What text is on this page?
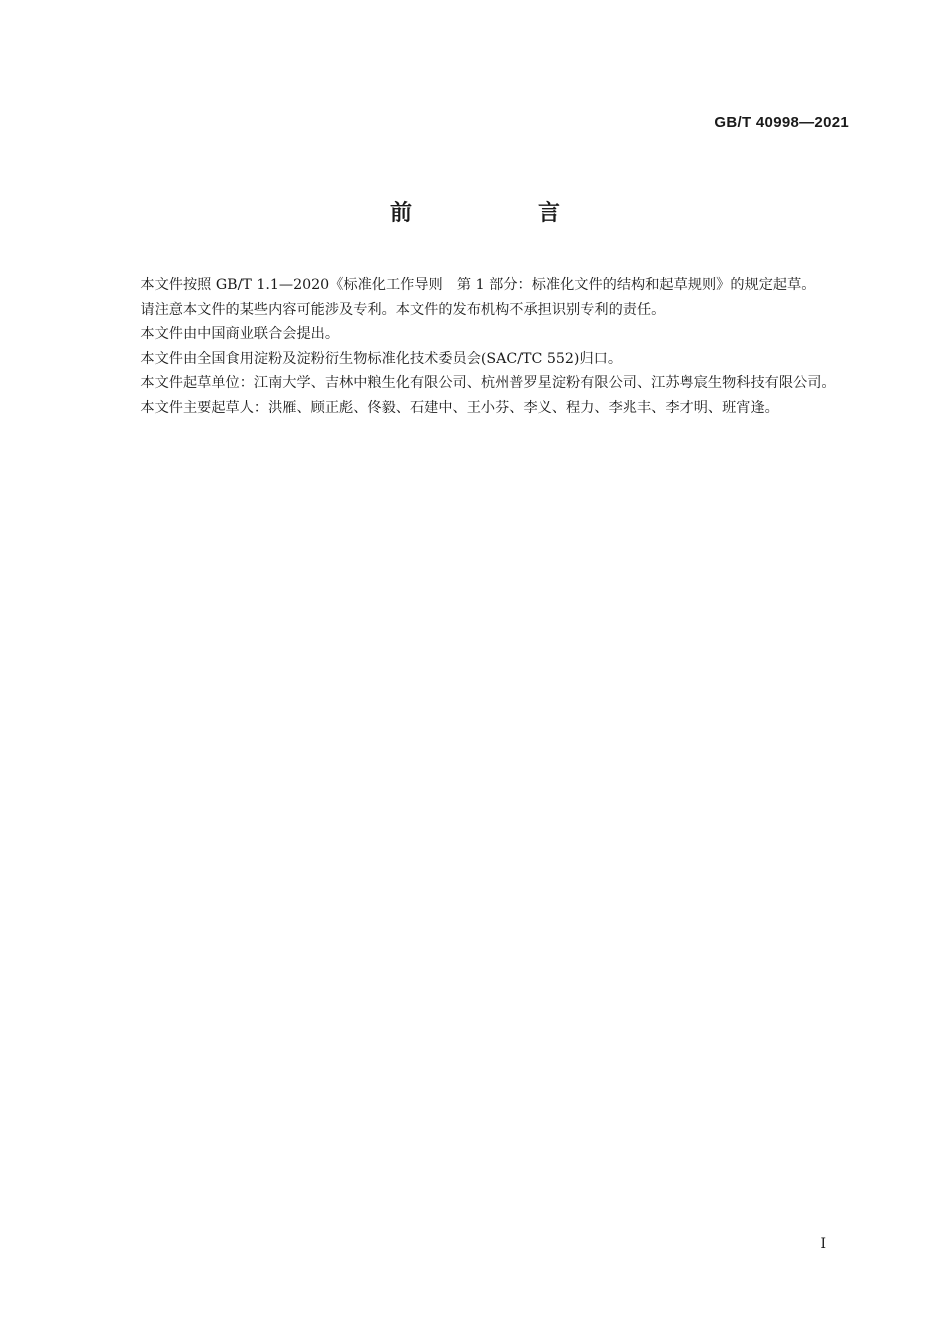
GB/T 40998—2021
前　言

本文件按照 GB/T 1.1—2020《标准化工作导则　第 1 部分：标准化文件的结构和起草规则》的规定起草。

请注意本文件的某些内容可能涉及专利。本文件的发布机构不承担识别专利的责任。

本文件由中国商业联合会提出。

本文件由全国食用淀粉及淀粉衍生物标准化技术委员会(SAC/TC 552)归口。

本文件起草单位：江南大学、吉林中粮生化有限公司、杭州普罗星淀粉有限公司、江苏粤宸生物科技有限公司。

本文件主要起草人：洪雁、顾正彪、佟毅、石建中、王小芬、李义、程力、李兆丰、李才明、班宵逢。

I
